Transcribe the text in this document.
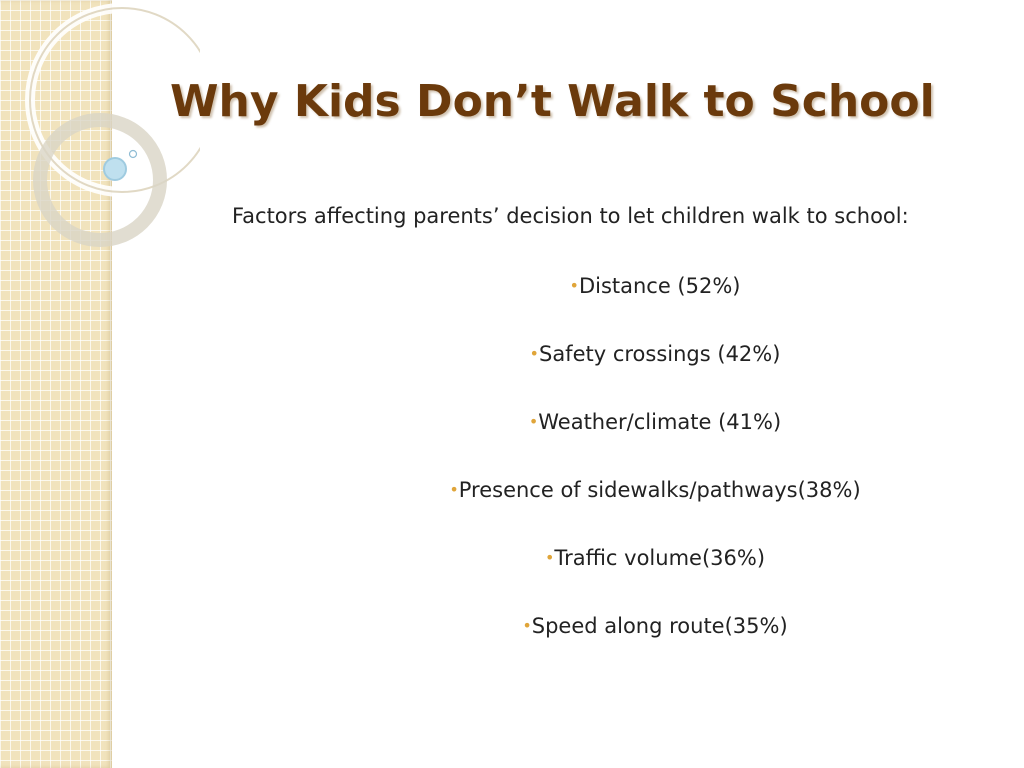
Why Kids Don’t Walk to School
Factors affecting parents’ decision to let children walk to school:
•Distance (52%)
•Safety crossings (42%)
•Weather/climate (41%)
•Presence of sidewalks/pathways(38%)
•Traffic volume(36%)
•Speed along route(35%)
